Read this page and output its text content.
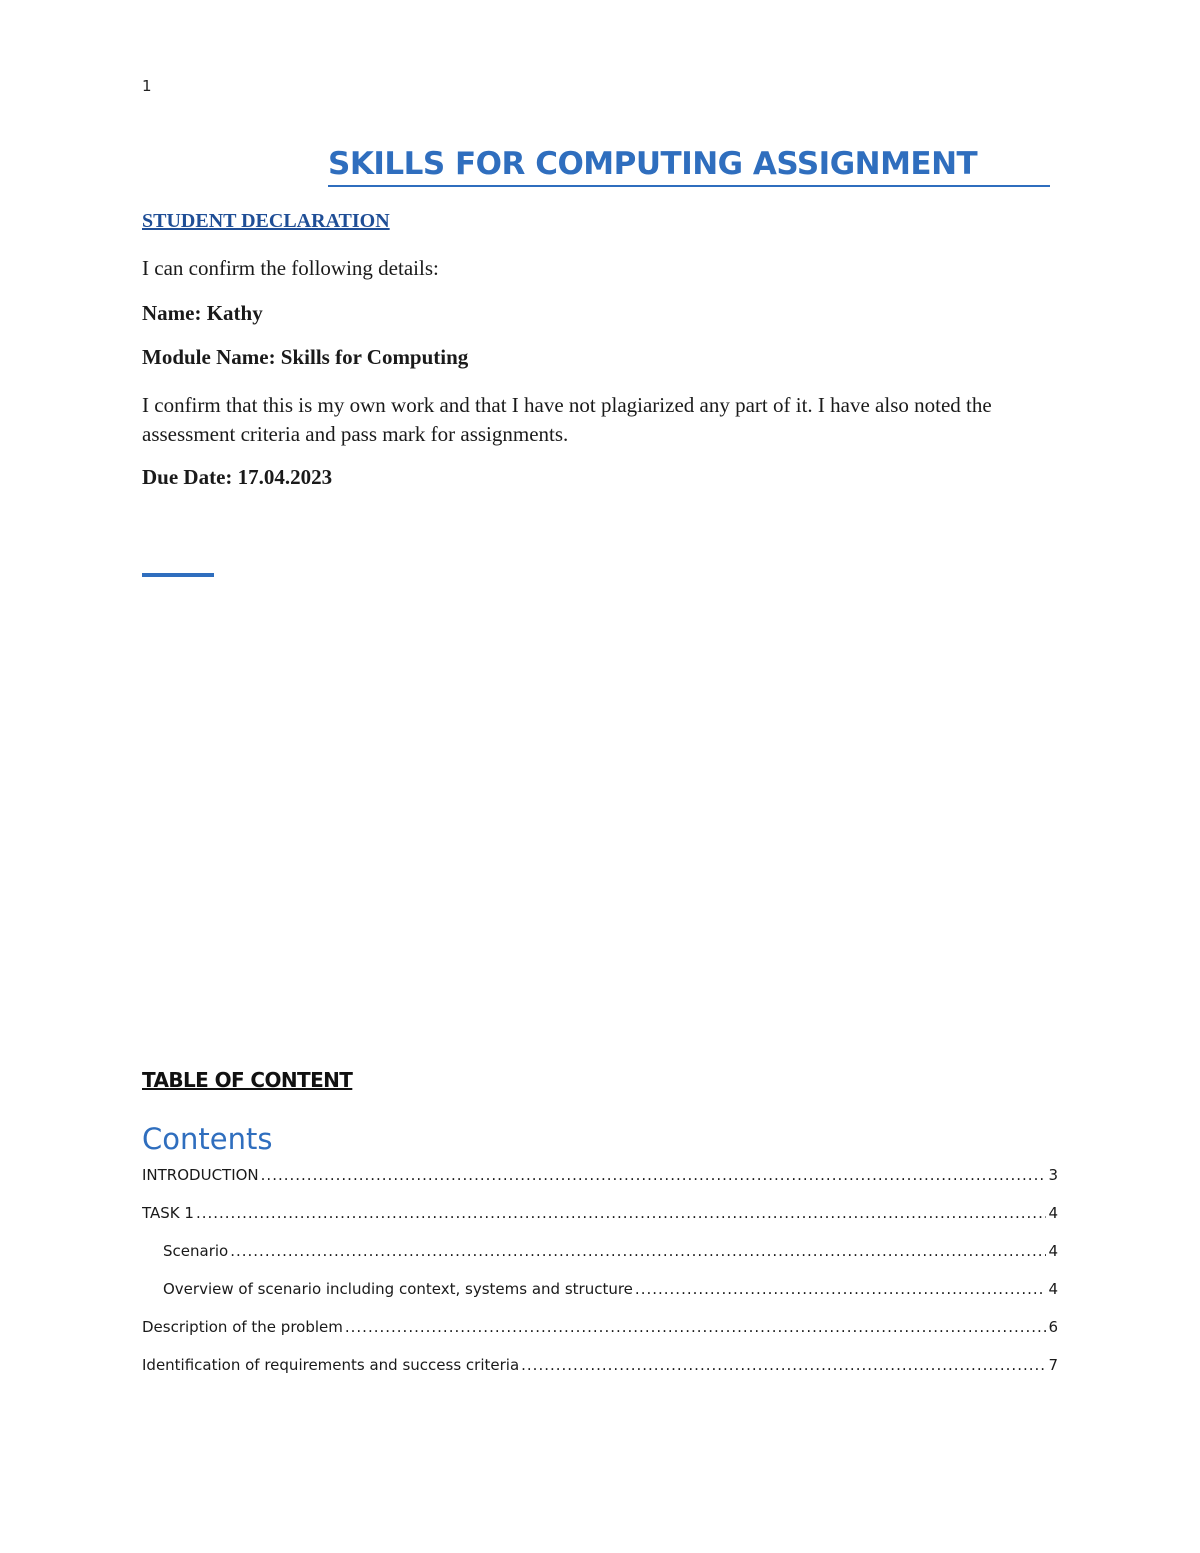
1
SKILLS FOR COMPUTING ASSIGNMENT
STUDENT DECLARATION
I can confirm the following details:
Name: Kathy
Module Name: Skills for Computing
I confirm that this is my own work and that I have not plagiarized any part of it. I have also noted the assessment criteria and pass mark for assignments.
Due Date: 17.04.2023
TABLE OF CONTENT
Contents
INTRODUCTION .....	3
TASK 1 .....	4
Scenario .....	4
Overview of scenario including context, systems and structure .....	4
Description of the problem .....	6
Identification of requirements and success criteria .....	7
